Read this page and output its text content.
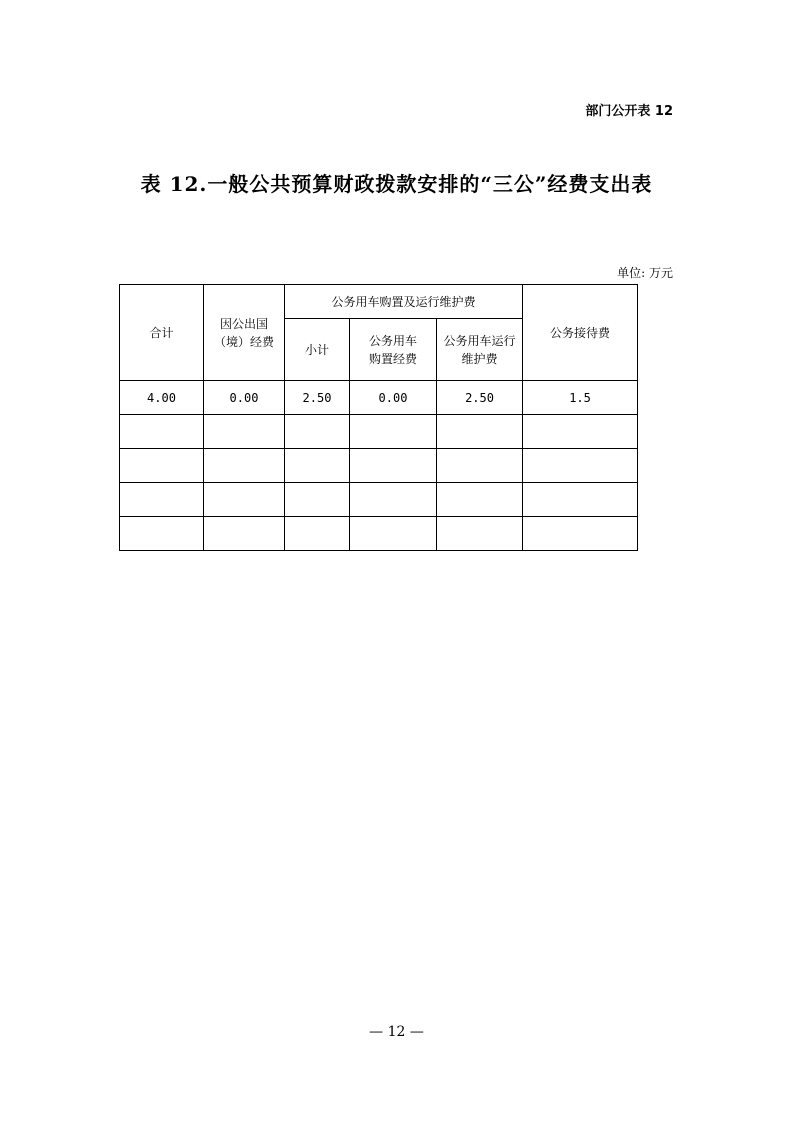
部门公开表 12
表 12.一般公共预算财政拨款安排的“三公”经费支出表
单位: 万元
合计	因公出国（境）经费	公务用车购置及运行维护费			公务接待费
		小计	公务用车购置经费	公务用车运行维护费	

4.00	0.00	2.50	0.00	2.50	1.5

— 12 —
